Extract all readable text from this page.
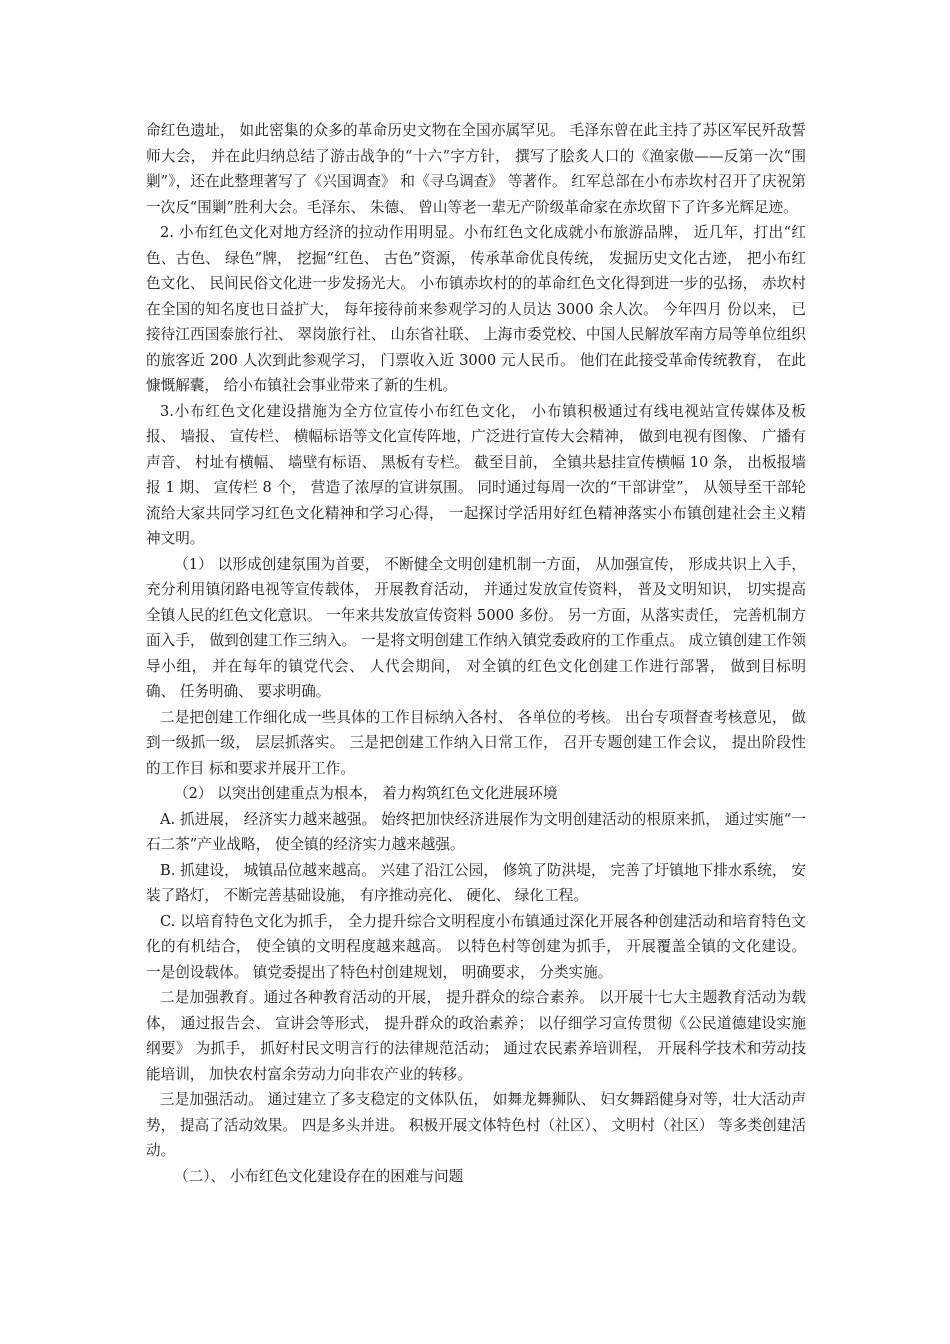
命红色遗址， 如此密集的众多的革命历史文物在全国亦属罕见。 毛泽东曾在此主持了苏区军民歼敌誓师大会， 并在此归纳总结了游击战争的“十六”字方针， 撰写了脍炙人口的《渔家傲——反第一次“围剿”》，还在此整理著写了《兴国调查》 和《寻乌调查》 等著作。 红军总部在小布赤坎村召开了庆祝第一次反“围剿”胜利大会。毛泽东、 朱德、 曾山等老一辈无产阶级革命家在赤坎留下了许多光辉足迹。

2. 小布红色文化对地方经济的拉动作用明显。小布红色文化成就小布旅游品牌， 近几年，打出“红色、古色、 绿色”牌， 挖掘“红色、 古色”资源， 传承革命优良传统， 发掘历史文化古迹， 把小布红色文化、 民间民俗文化进一步发扬光大。 小布镇赤坎村的的革命红色文化得到进一步的弘扬， 赤坎村在全国的知名度也日益扩大， 每年接待前来参观学习的人员达 3000 余人次。 今年四月 份以来， 已接待江西国泰旅行社、 翠岗旅行社、 山东省社联、 上海市委党校、中国人民解放军南方局等单位组织的旅客近 200 人次到此参观学习， 门票收入近 3000 元人民币。 他们在此接受革命传统教育， 在此慷慨解囊， 给小布镇社会事业带来了新的生机。

3.小布红色文化建设措施为全方位宣传小布红色文化， 小布镇积极通过有线电视站宣传媒体及板报、 墙报、 宣传栏、 横幅标语等文化宣传阵地，广泛进行宣传大会精神， 做到电视有图像、 广播有声音、 村址有横幅、 墙壁有标语、 黑板有专栏。 截至目前， 全镇共悬挂宣传横幅 10 条， 出板报墙报 1 期、 宣传栏 8 个， 营造了浓厚的宣讲氛围。 同时通过每周一次的“干部讲堂”， 从领导至干部轮流给大家共同学习红色文化精神和学习心得， 一起探讨学活用好红色精神落实小布镇创建社会主义精神文明。

（1） 以形成创建氛围为首要， 不断健全文明创建机制一方面， 从加强宣传， 形成共识上入手， 充分利用镇闭路电视等宣传载体， 开展教育活动， 并通过发放宣传资料， 普及文明知识， 切实提高全镇人民的红色文化意识。 一年来共发放宣传资料 5000 多份。 另一方面，从落实责任， 完善机制方面入手， 做到创建工作三纳入。 一是将文明创建工作纳入镇党委政府的工作重点。 成立镇创建工作领导小组， 并在每年的镇党代会、 人代会期间， 对全镇的红色文化创建工作进行部署， 做到目标明确、 任务明确、 要求明确。

二是把创建工作细化成一些具体的工作目标纳入各村、 各单位的考核。 出台专项督查考核意见， 做到一级抓一级， 层层抓落实。 三是把创建工作纳入日常工作， 召开专题创建工作会议， 提出阶段性的工作目 标和要求并展开工作。

（2） 以突出创建重点为根本， 着力构筑红色文化进展环境

A. 抓进展， 经济实力越来越强。 始终把加快经济进展作为文明创建活动的根原来抓， 通过实施“一石二茶”产业战略， 使全镇的经济实力越来越强。

B. 抓建设， 城镇品位越来越高。 兴建了沿江公园， 修筑了防洪堤， 完善了圩镇地下排水系统， 安装了路灯， 不断完善基础设施， 有序推动亮化、 硬化、 绿化工程。

C. 以培育特色文化为抓手， 全力提升综合文明程度小布镇通过深化开展各种创建活动和培育特色文化的有机结合， 使全镇的文明程度越来越高。 以特色村等创建为抓手， 开展覆盖全镇的文化建设。 一是创设载体。 镇党委提出了特色村创建规划， 明确要求， 分类实施。

二是加强教育。通过各种教育活动的开展， 提升群众的综合素养。 以开展十七大主题教育活动为载体， 通过报告会、 宣讲会等形式， 提升群众的政治素养； 以仔细学习宣传贯彻《公民道德建设实施纲要》 为抓手， 抓好村民文明言行的法律规范活动； 通过农民素养培训程， 开展科学技术和劳动技能培训， 加快农村富余劳动力向非农产业的转移。

三是加强活动。 通过建立了多支稳定的文体队伍， 如舞龙舞狮队、 妇女舞蹈健身对等，壮大活动声势， 提高了活动效果。 四是多头并进。 积极开展文体特色村（社区）、 文明村（社区） 等多类创建活动。

（二）、 小布红色文化建设存在的困难与问题
